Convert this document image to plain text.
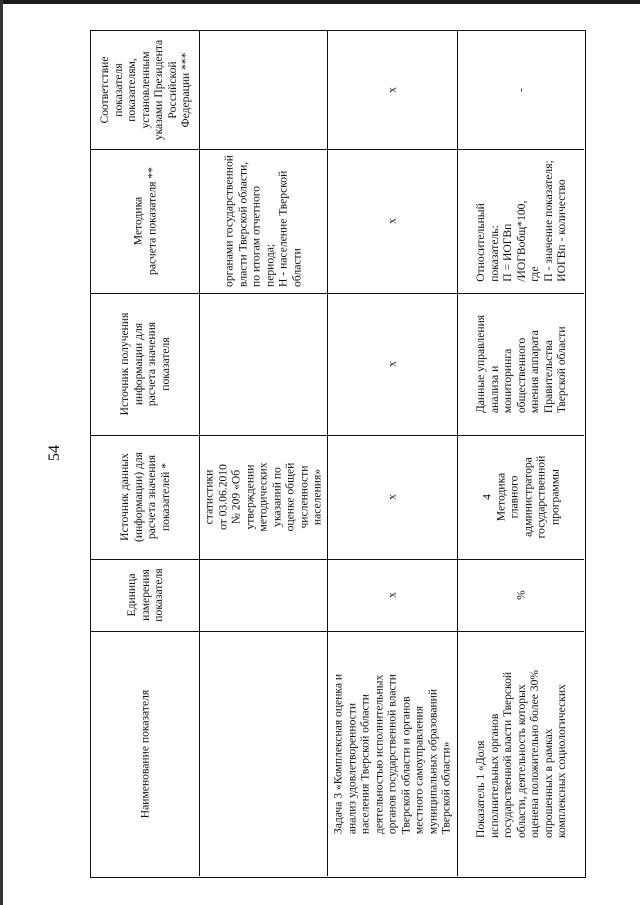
54
Соответствие показателя показателям, установленным указами Президента Российской Федерации ***
Методика расчета показателя **
Источник получения информации для расчета значения показателя
Источник данных (информации) для расчета значения показателей *
Единица измерения показателя
Наименование показателя
органами государственной власти Тверской области, по итогам отчетного периода; Н - население Тверской области
статистики от 03.06.2010 № 209 «Об утверждении методических указаний по оценке общей численности населения»
x
x
x
x
x
Задача 3 «Комплексная оценка и анализ удовлетворенности населения Тверской области деятельностью исполнительных органов государственной власти Тверской области и органов местного самоуправления муниципальных образований Тверской области»
-
Относительный показатель: П = ИОГВп /ИОГВобщ*100, где П - значение показателя; ИОГВп - количество
Данные управления анализа и мониторинга общественного мнения аппарата Правительства Тверской области
4 Методика главного администратора государственной программы
%
Показатель 1 «Доля исполнительных органов государственной власти Тверской области, деятельность которых оценена положительно более 30% опрошенных в рамках комплексных социологических
